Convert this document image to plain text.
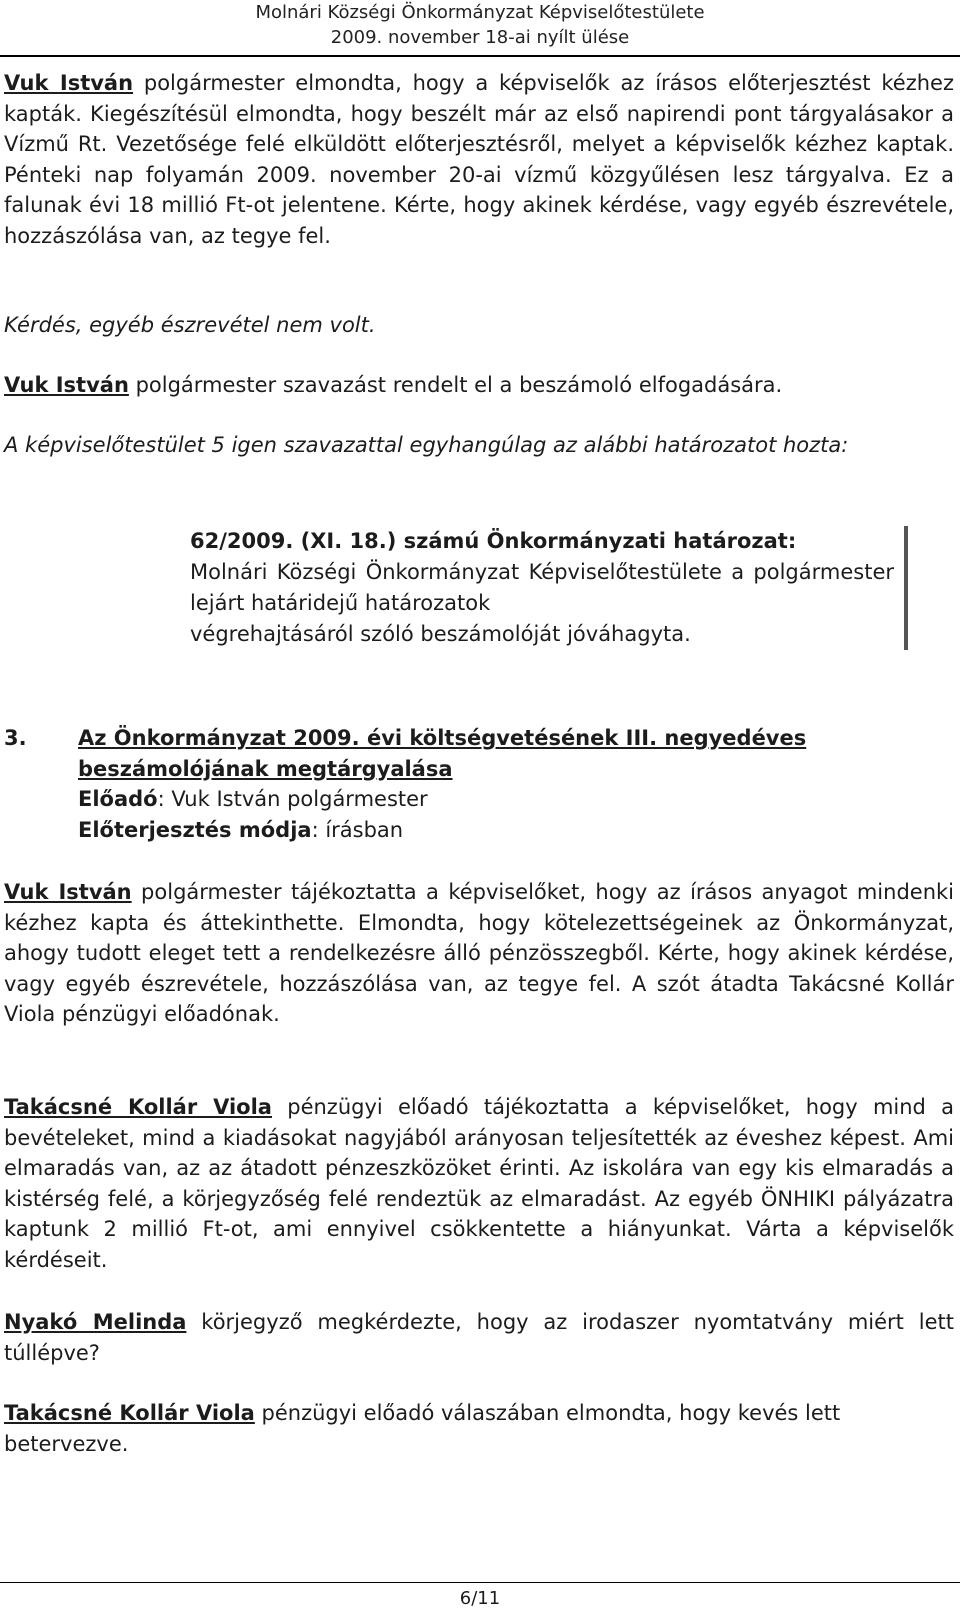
Molnári Községi Önkormányzat Képviselőtestülete
2009. november 18-ai nyílt ülése

Vuk István polgármester elmondta, hogy a képviselők az írásos előterjesztést kézhez kapták. Kiegészítésül elmondta, hogy beszélt már az első napirendi pont tárgyalásakor a Vízmű Rt. Vezetősége felé elküldött előterjesztésről, melyet a képviselők kézhez kaptak. Pénteki nap folyamán 2009. november 20-ai vízmű közgyűlésen lesz tárgyalva. Ez a falunak évi 18 millió Ft-ot jelentene. Kérte, hogy akinek kérdése, vagy egyéb észrevétele, hozzászólása van, az tegye fel.

Kérdés, egyéb észrevétel nem volt.

Vuk István polgármester szavazást rendelt el a beszámoló elfogadására.

A képviselőtestület 5 igen szavazattal egyhangúlag az alábbi határozatot hozta:

62/2009. (XI. 18.) számú Önkormányzati határozat:
Molnári Községi Önkormányzat Képviselőtestülete a polgármester lejárt határidejű határozatok
végrehajtásáról szóló beszámolóját jóváhagyta.
3. Az Önkormányzat 2009. évi költségvetésének III. negyedéves
beszámolójának megtárgyalása
Előadó: Vuk István polgármester
Előterjesztés módja: írásban

Vuk István polgármester tájékoztatta a képviselőket, hogy az írásos anyagot mindenki kézhez kapta és áttekinthette. Elmondta, hogy kötelezettségeinek az Önkormányzat, ahogy tudott eleget tett a rendelkezésre álló pénzösszegből. Kérte, hogy akinek kérdése, vagy egyéb észrevétele, hozzászólása van, az tegye fel. A szót átadta Takácsné Kollár Viola pénzügyi előadónak.

Takácsné Kollár Viola pénzügyi előadó tájékoztatta a képviselőket, hogy mind a bevételeket, mind a kiadásokat nagyjából arányosan teljesítették az éveshez képest. Ami elmaradás van, az az átadott pénzeszközöket érinti. Az iskolára van egy kis elmaradás a kistérség felé, a körjegyzőség felé rendeztük az elmaradást. Az egyéb ÖNHIKI pályázatra kaptunk 2 millió Ft-ot, ami ennyivel csökkentette a hiányunkat. Várta a képviselők kérdéseit.

Nyakó Melinda körjegyző megkérdezte, hogy az irodaszer nyomtatvány miért lett túllépve?

Takácsné Kollár Viola pénzügyi előadó válaszában elmondta, hogy kevés lett betervezve.

6/11
